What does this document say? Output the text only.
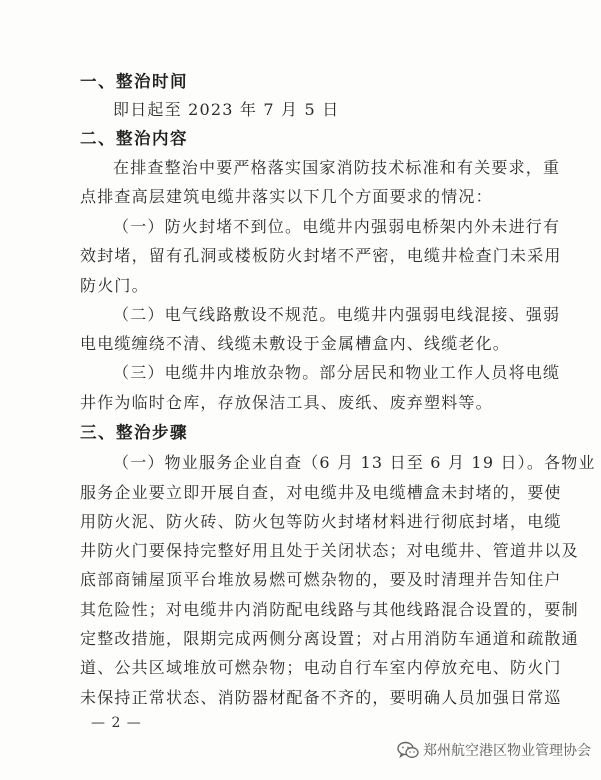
一、整治时间
即日起至 2023 年 7 月 5 日
二、整治内容
在排查整治中要严格落实国家消防技术标准和有关要求，重
点排查高层建筑电缆井落实以下几个方面要求的情况：
（一）防火封堵不到位。电缆井内强弱电桥架内外未进行有
效封堵，留有孔洞或楼板防火封堵不严密，电缆井检查门未采用
防火门。
（二）电气线路敷设不规范。电缆井内强弱电线混接、强弱
电电缆缠绕不清、线缆未敷设于金属槽盒内、线缆老化。
（三）电缆井内堆放杂物。部分居民和物业工作人员将电缆
井作为临时仓库，存放保洁工具、废纸、废弃塑料等。
三、整治步骤
（一）物业服务企业自查（6 月 13 日至 6 月 19 日）。各物业
服务企业要立即开展自查，对电缆井及电缆槽盒未封堵的，要使
用防火泥、防火砖、防火包等防火封堵材料进行彻底封堵，电缆
井防火门要保持完整好用且处于关闭状态；对电缆井、管道井以及
底部商铺屋顶平台堆放易燃可燃杂物的，要及时清理并告知住户
其危险性；对电缆井内消防配电线路与其他线路混合设置的，要制
定整改措施，限期完成两侧分离设置；对占用消防车通道和疏散通
道、公共区域堆放可燃杂物；电动自行车室内停放充电、防火门
未保持正常状态、消防器材配备不齐的，要明确人员加强日常巡
— 2 —
郑州航空港区物业管理协会
